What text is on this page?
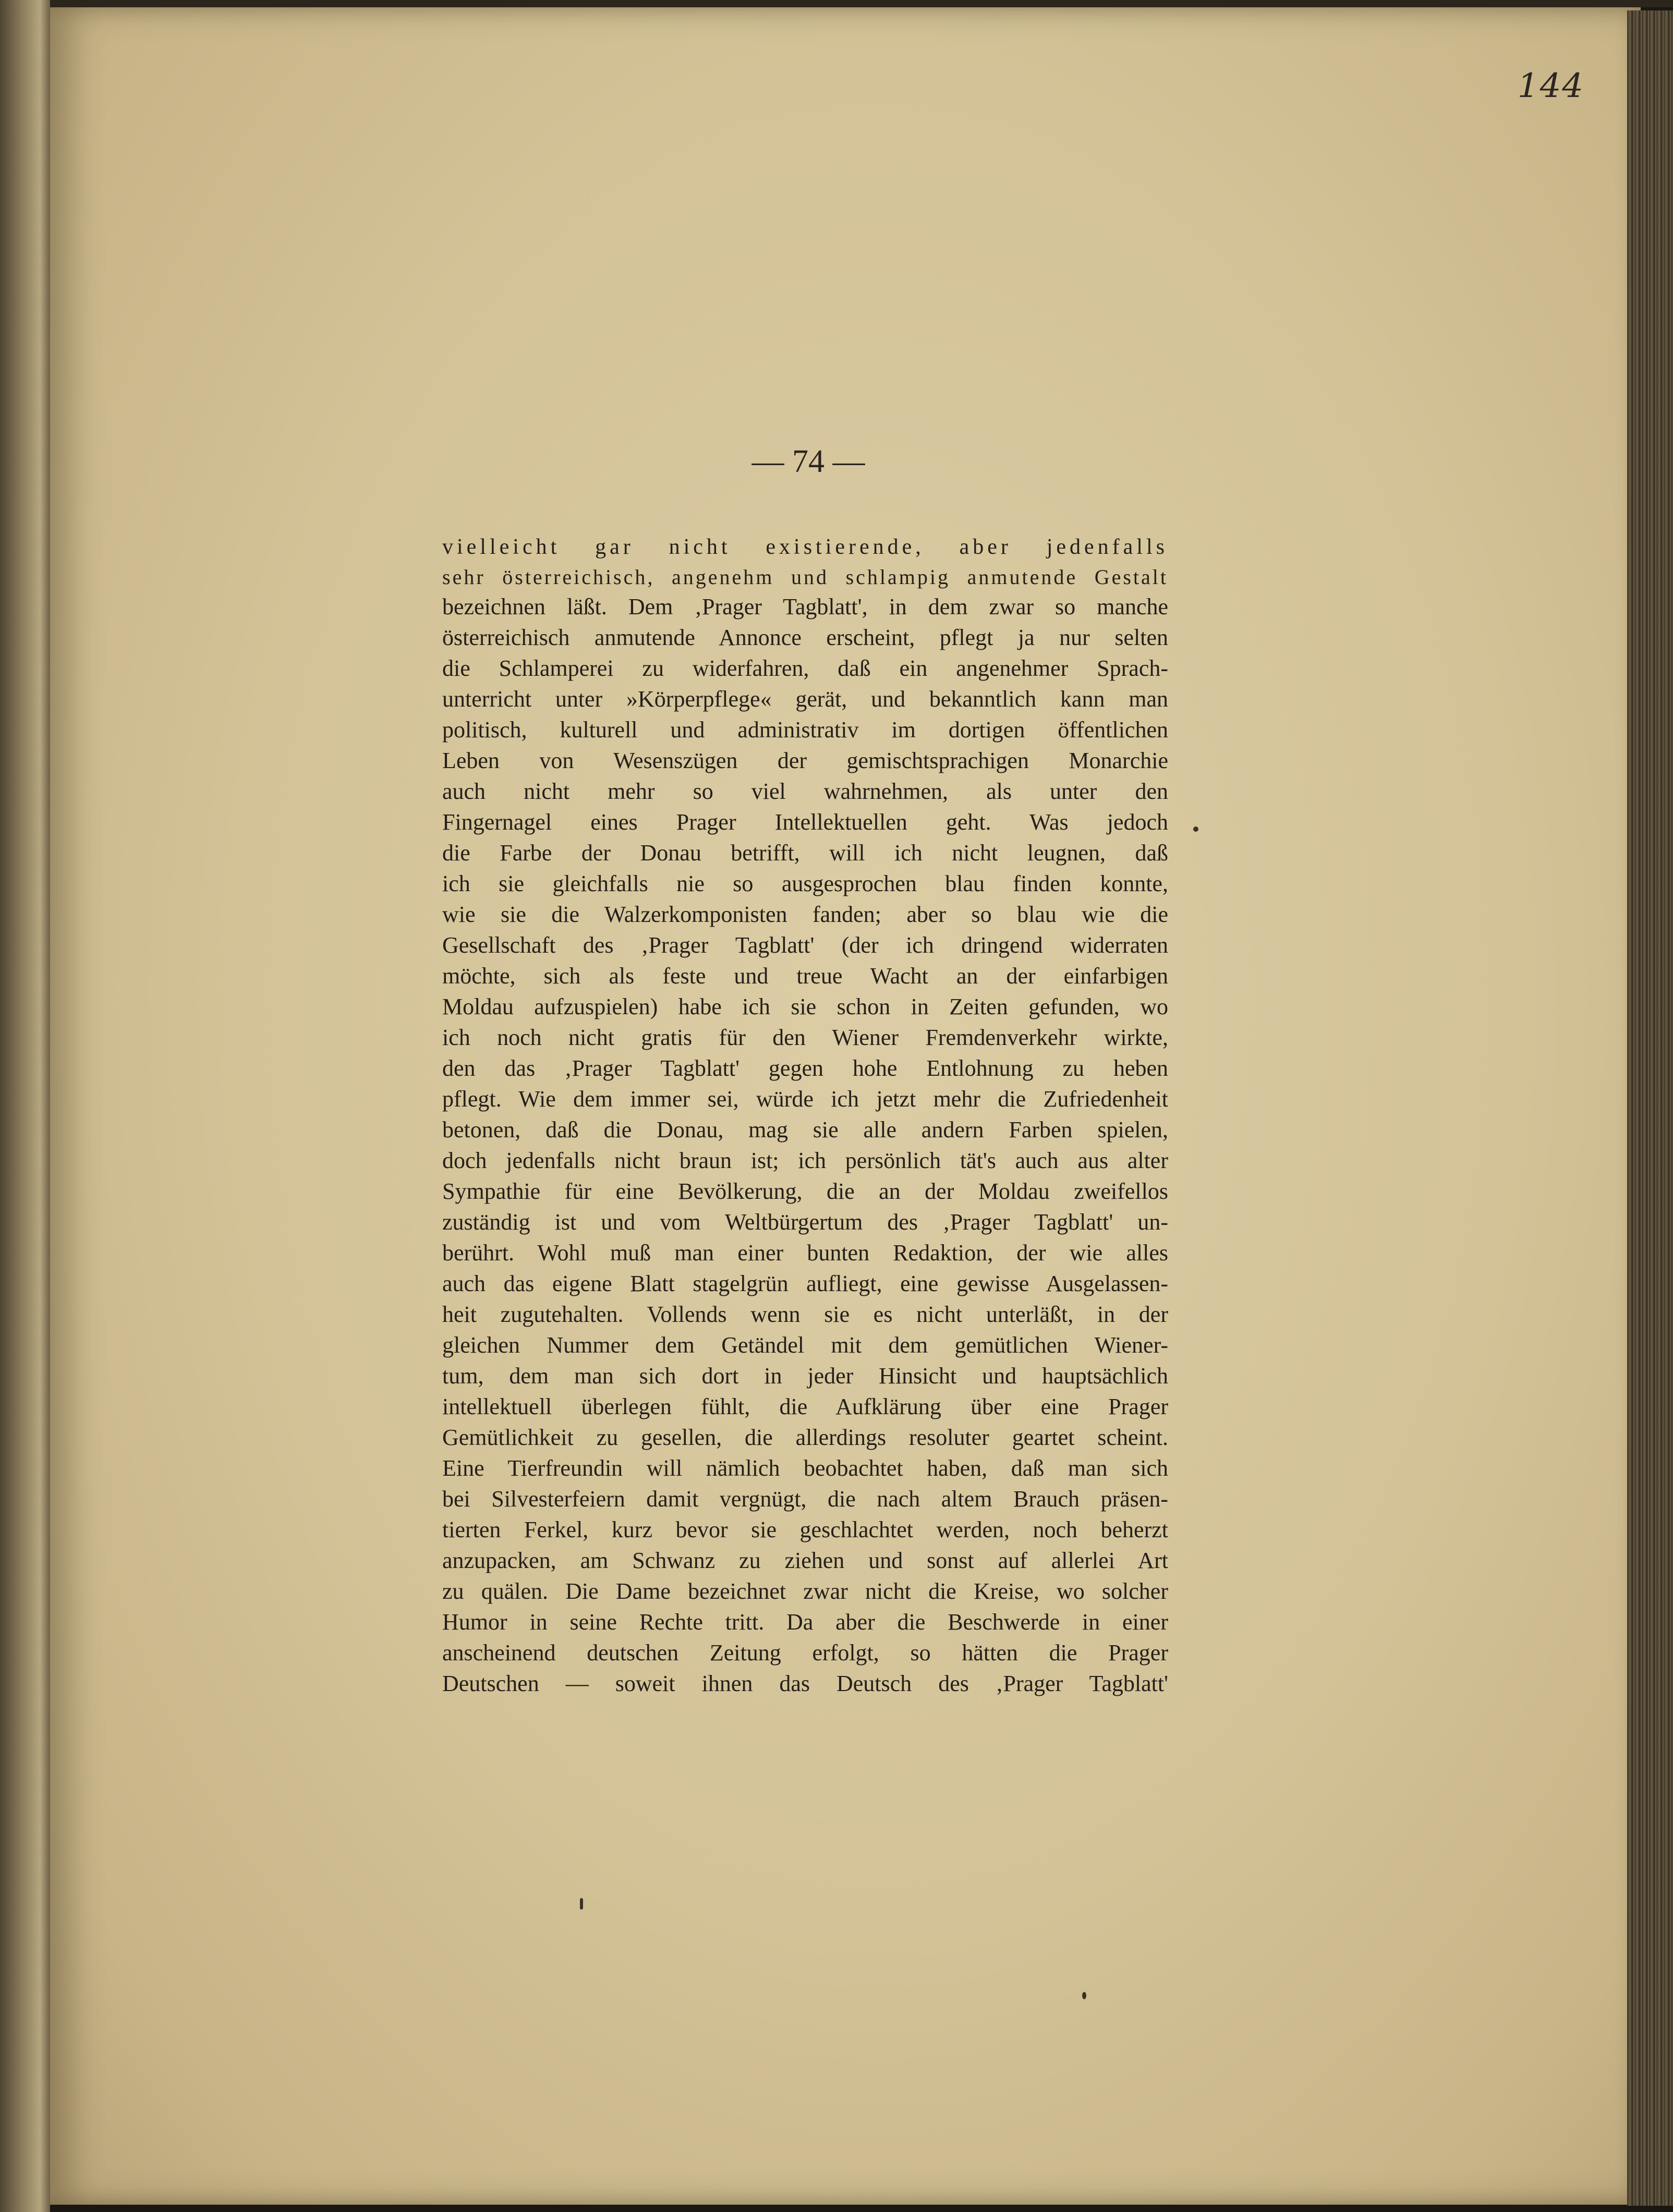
144
— 74 —
vielleicht gar nicht existierende, aber jedenfalls
sehr österreichisch, angenehm und schlampig anmutende Gestalt
bezeichnen läßt. Dem ‚Prager Tagblatt', in dem zwar so manche
österreichisch anmutende Annonce erscheint, pflegt ja nur selten
die Schlamperei zu widerfahren, daß ein angenehmer Sprach-
unterricht unter »Körperpflege« gerät, und bekanntlich kann man
politisch, kulturell und administrativ im dortigen öffentlichen
Leben von Wesenszügen der gemischtsprachigen Monarchie
auch nicht mehr so viel wahrnehmen, als unter den
Fingernagel eines Prager Intellektuellen geht. Was jedoch
die Farbe der Donau betrifft, will ich nicht leugnen, daß
ich sie gleichfalls nie so ausgesprochen blau finden konnte,
wie sie die Walzerkomponisten fanden; aber so blau wie die
Gesellschaft des ‚Prager Tagblatt' (der ich dringend widerraten
möchte, sich als feste und treue Wacht an der einfarbigen
Moldau aufzuspielen) habe ich sie schon in Zeiten gefunden, wo
ich noch nicht gratis für den Wiener Fremdenverkehr wirkte,
den das ‚Prager Tagblatt' gegen hohe Entlohnung zu heben
pflegt. Wie dem immer sei, würde ich jetzt mehr die Zufriedenheit
betonen, daß die Donau, mag sie alle andern Farben spielen,
doch jedenfalls nicht braun ist; ich persönlich tät's auch aus alter
Sympathie für eine Bevölkerung, die an der Moldau zweifellos
zuständig ist und vom Weltbürgertum des ‚Prager Tagblatt' un-
berührt. Wohl muß man einer bunten Redaktion, der wie alles
auch das eigene Blatt stagelgrün aufliegt, eine gewisse Ausgelassen-
heit zugutehalten. Vollends wenn sie es nicht unterläßt, in der
gleichen Nummer dem Getändel mit dem gemütlichen Wiener-
tum, dem man sich dort in jeder Hinsicht und hauptsächlich
intellektuell überlegen fühlt, die Aufklärung über eine Prager
Gemütlichkeit zu gesellen, die allerdings resoluter geartet scheint.
Eine Tierfreundin will nämlich beobachtet haben, daß man sich
bei Silvesterfeiern damit vergnügt, die nach altem Brauch präsen-
tierten Ferkel, kurz bevor sie geschlachtet werden, noch beherzt
anzupacken, am Schwanz zu ziehen und sonst auf allerlei Art
zu quälen. Die Dame bezeichnet zwar nicht die Kreise, wo solcher
Humor in seine Rechte tritt. Da aber die Beschwerde in einer
anscheinend deutschen Zeitung erfolgt, so hätten die Prager
Deutschen — soweit ihnen das Deutsch des ‚Prager Tagblatt'
